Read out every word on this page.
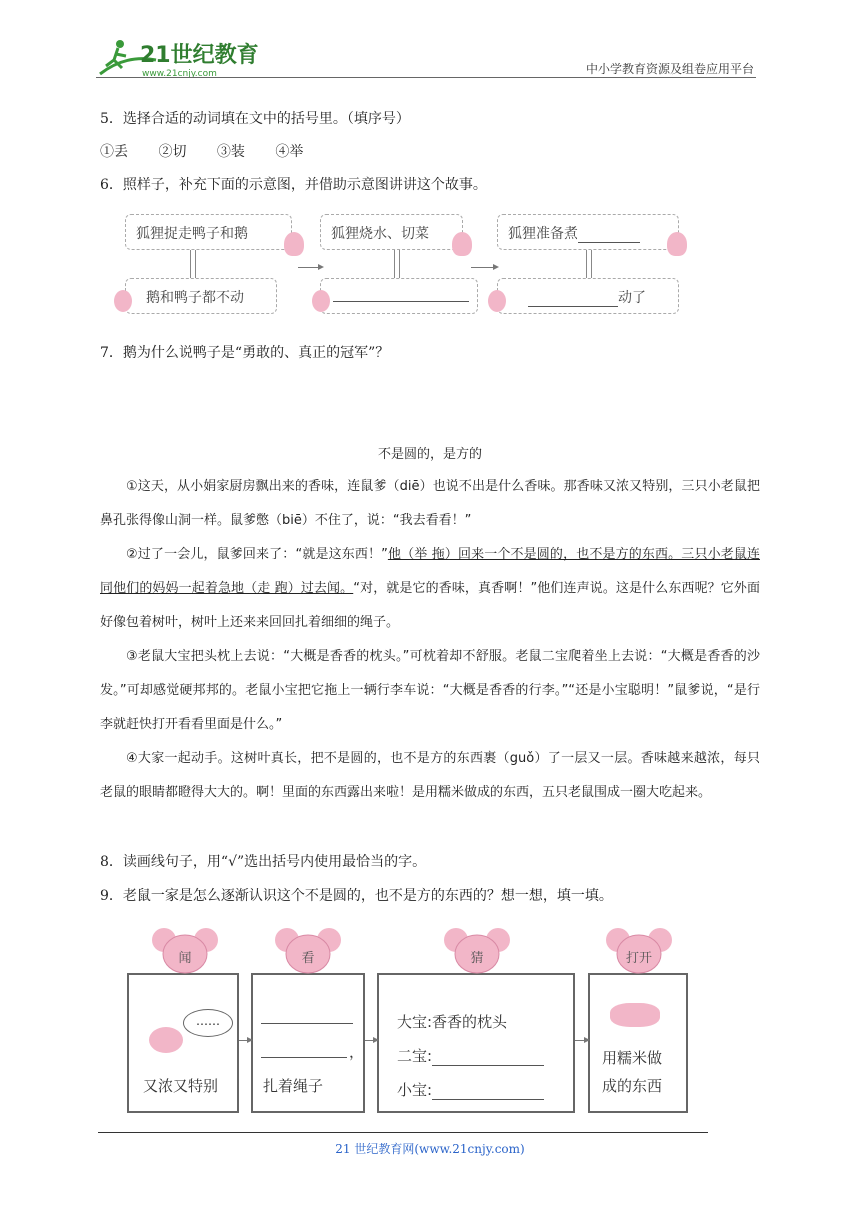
21世纪教育
www.21cnjy.com	中小学教育资源及组卷应用平台
5．选择合适的动词填在文中的括号里。（填序号）
①丢 ②切 ③装 ④举
6．照样子，补充下面的示意图，并借助示意图讲讲这个故事。
狐狸捉走鸭子和鹅
鹅和鸭子都不动
狐狸烧水、切菜	狐狸准备煮
动了
7．鹅为什么说鸭子是“勇敢的、真正的冠军”？
不是圆的，是方的
①这天，从小娟家厨房飘出来的香味，连鼠爹（diē）也说不出是什么香味。那香味又浓又特别，三只小老鼠把鼻孔张得像山洞一样。鼠爹憋（biē）不住了，说：“我去看看！”
②过了一会儿，鼠爹回来了：“就是这东西！”他（举 拖）回来一个不是圆的，也不是方的东西。三只小老鼠连同他们的妈妈一起着急地（走 跑）过去闻。“对，就是它的香味，真香啊！”他们连声说。这是什么东西呢？它外面好像包着树叶，树叶上还来来回回扎着细细的绳子。
③老鼠大宝把头枕上去说：“大概是香香的枕头。”可枕着却不舒服。老鼠二宝爬着坐上去说：“大概是香香的沙发。”可却感觉硬邦邦的。老鼠小宝把它拖上一辆行李车说：“大概是香香的行李。”“还是小宝聪明！”鼠爹说，“是行李就赶快打开看看里面是什么。”
④大家一起动手。这树叶真长，把不是圆的，也不是方的东西裹（guǒ）了一层又一层。香味越来越浓，每只老鼠的眼睛都瞪得大大的。啊！里面的东西露出来啦！是用糯米做成的东西，五只老鼠围成一圈大吃起来。
8．读画线句子，用“√”选出括号内使用最恰当的字。
9．老鼠一家是怎么逐渐认识这个不是圆的，也不是方的东西的？想一想，填一填。
……
又浓又特别
，
扎着绳子
大宝:香香的枕头
二宝:
小宝:
用糯米做
成的东西
闻	看	猜	打开
21 世纪教育网(www.21cnjy.com)
